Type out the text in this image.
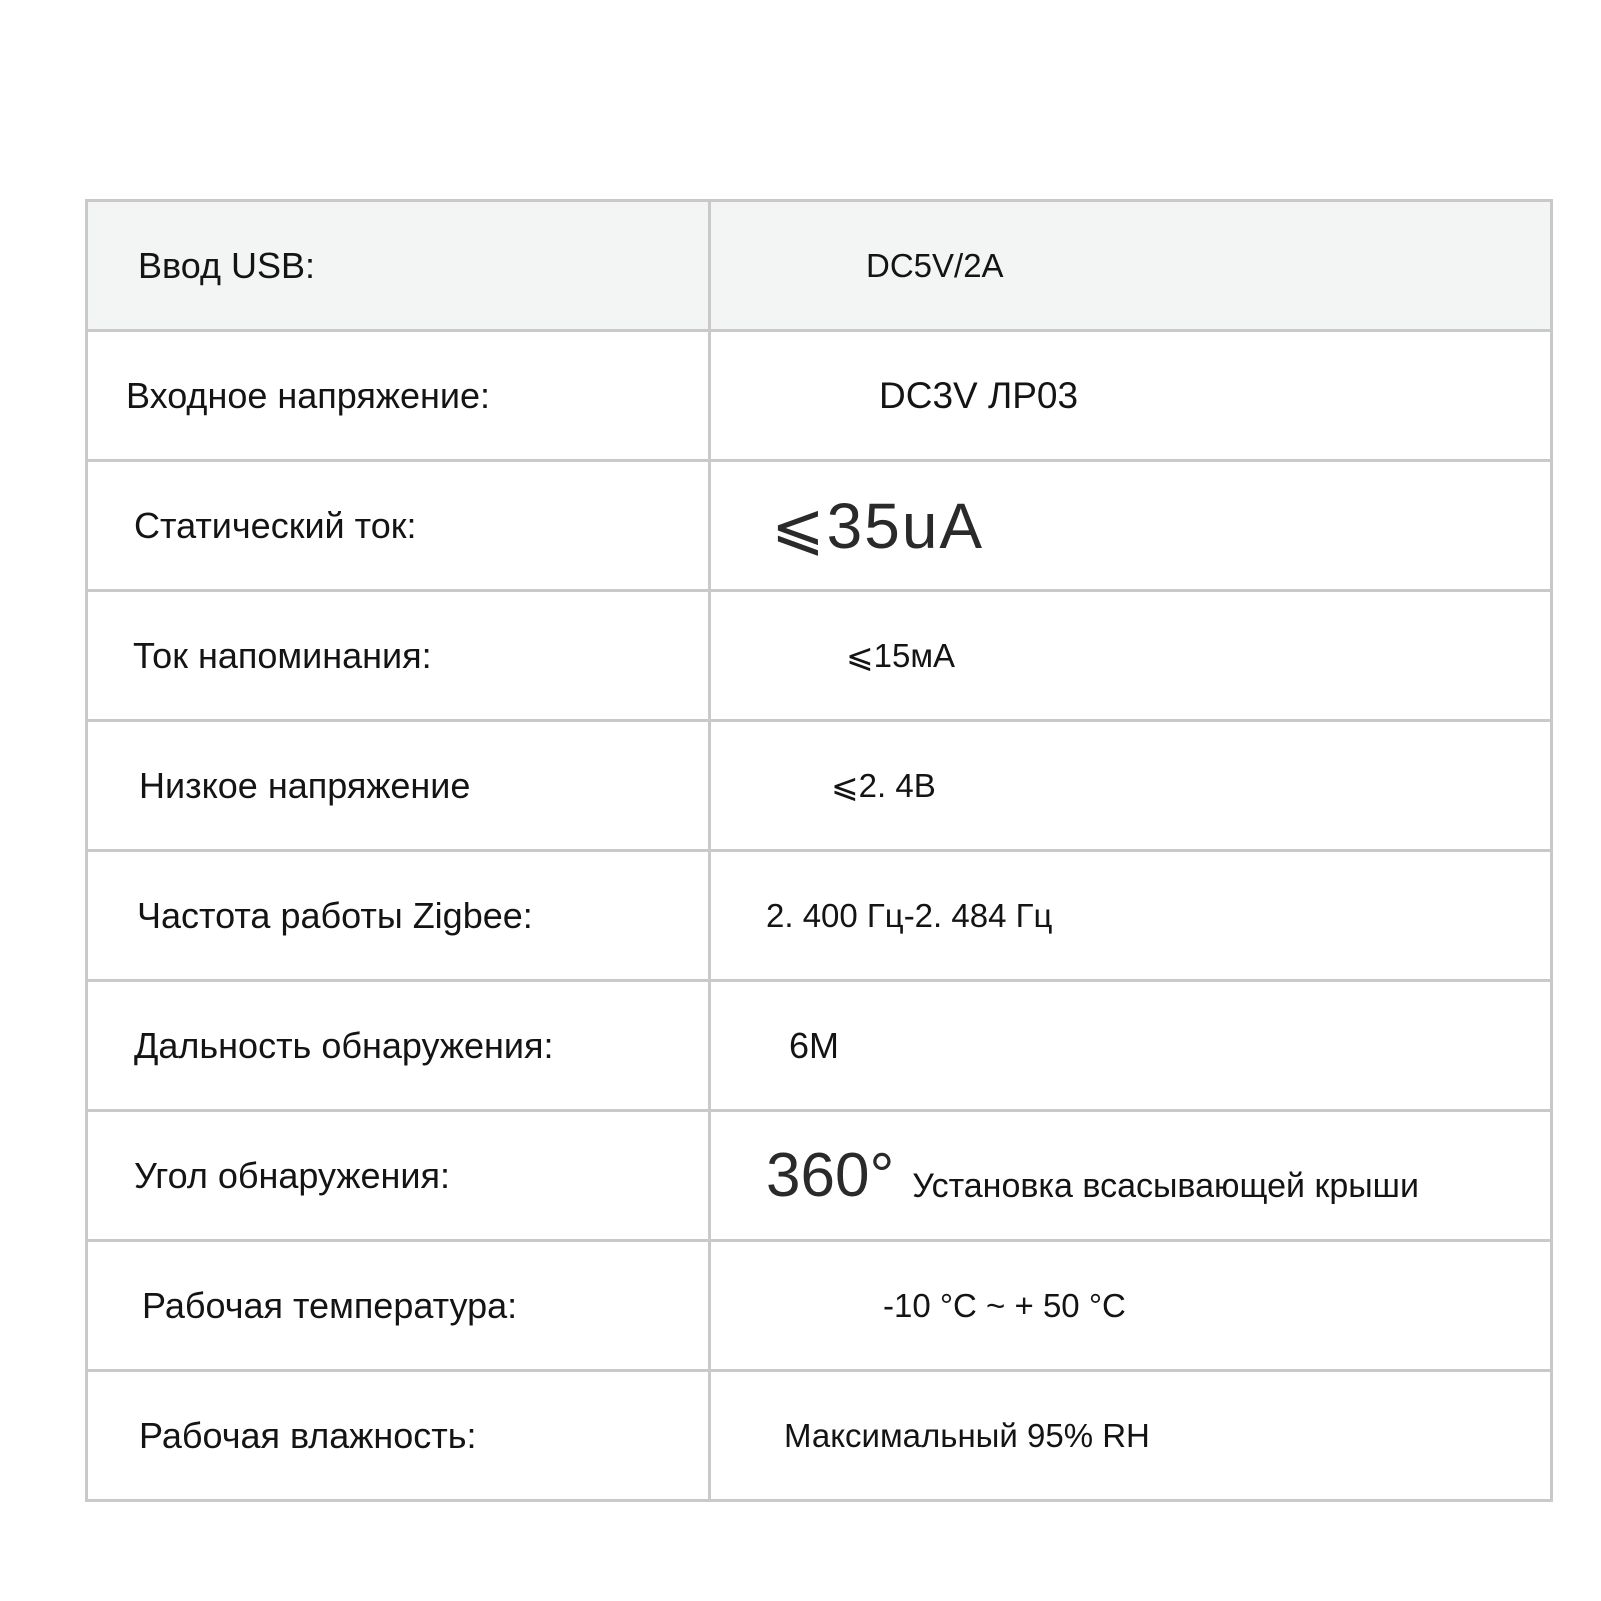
Ввод USB:	DC5V/2A
Входное напряжение:	DC3V ЛP03
Статический ток:	⩽35uA
Ток напоминания:	⩽15мА
Низкое напряжение	⩽2. 4В
Частота работы Zigbee:	2. 400 Гц-2. 484 Гц
Дальность обнаружения:	6M
Угол обнаружения:	360° Установка всасывающей крыши
Рабочая температура:	-10 °C ~ + 50 °C
Рабочая влажность:	Максимальный 95% RH
